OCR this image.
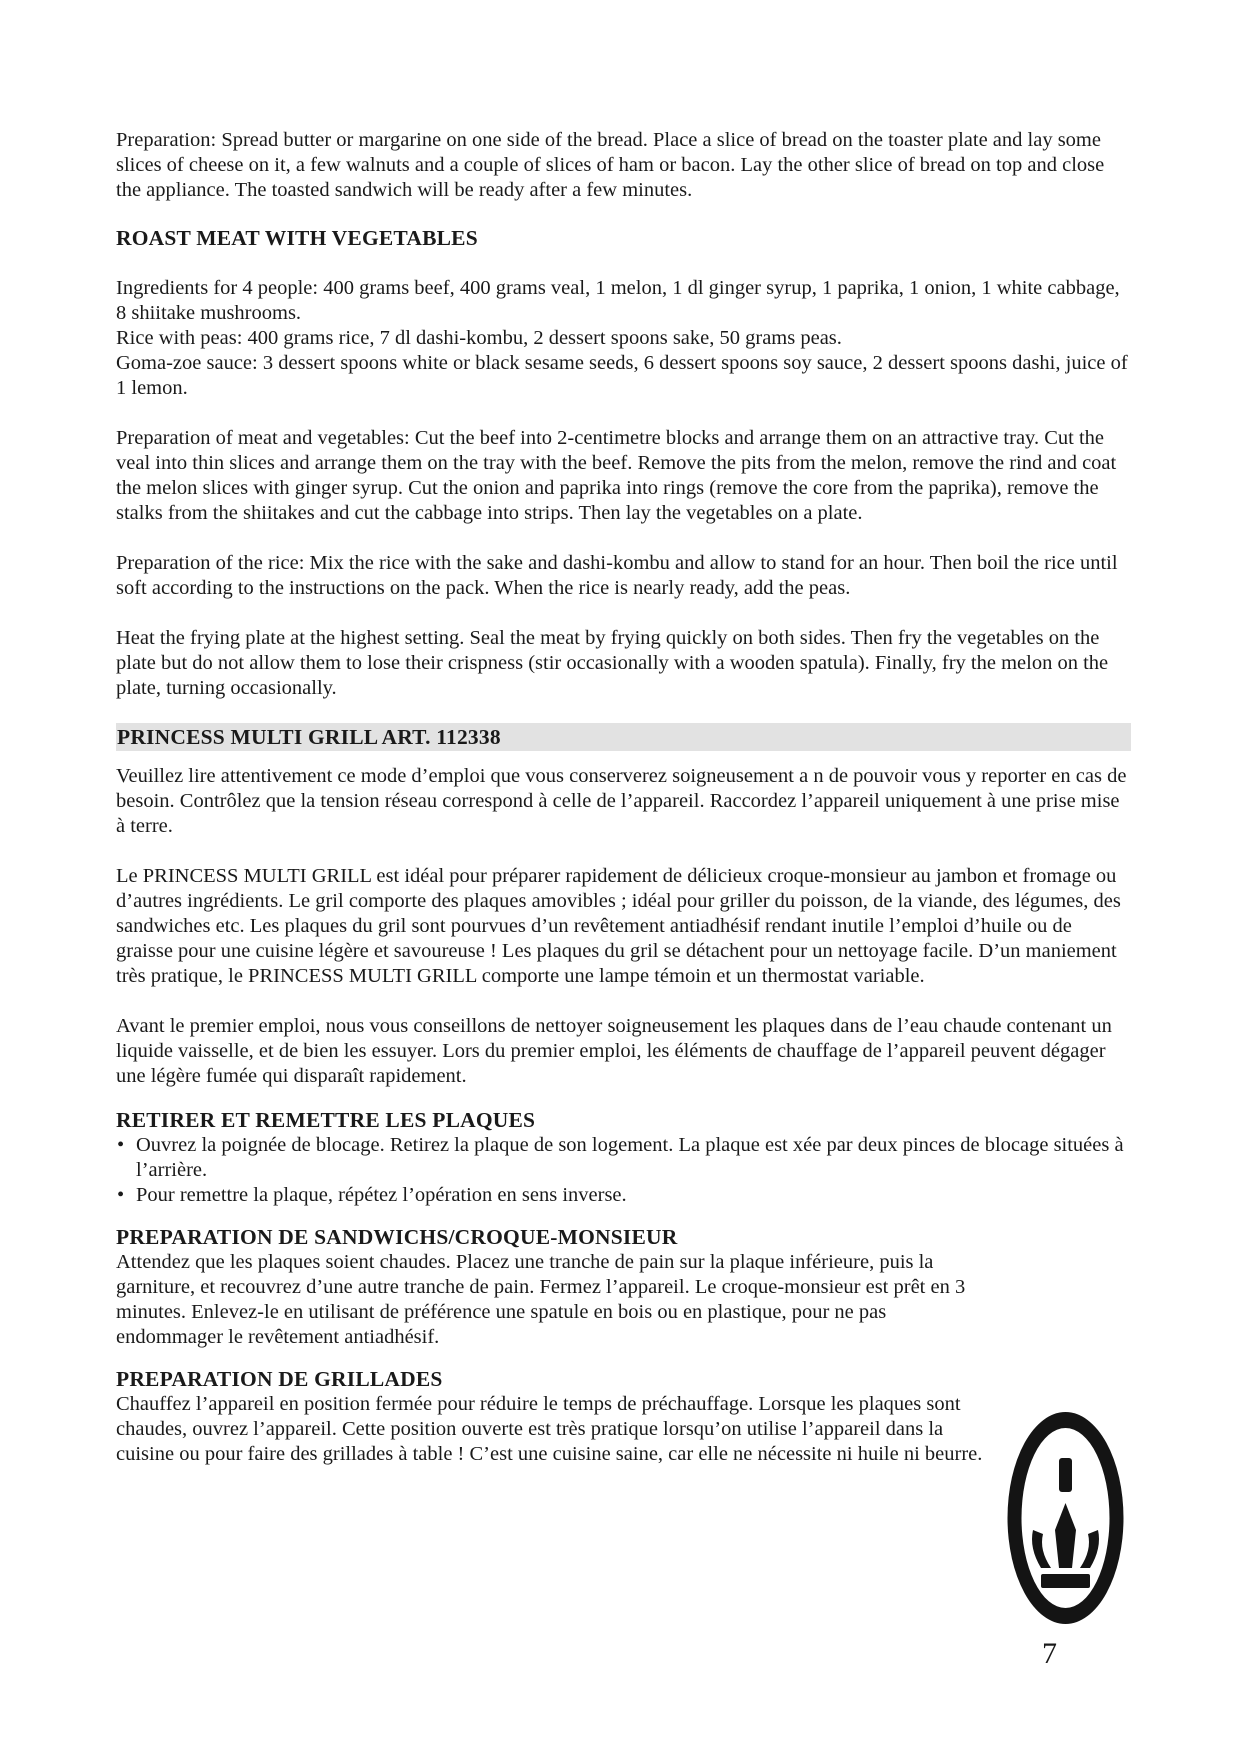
Preparation: Spread butter or margarine on one side of the bread. Place a slice of bread on the toaster plate and lay some slices of cheese on it, a few walnuts and a couple of slices of ham or bacon. Lay the other slice of bread on top and close the appliance. The toasted sandwich will be ready after a few minutes.

ROAST MEAT WITH VEGETABLES

Ingredients for 4 people: 400 grams beef, 400 grams veal, 1 melon, 1 dl ginger syrup, 1 paprika, 1 onion, 1 white cabbage, 8 shiitake mushrooms.

Rice with peas: 400 grams rice, 7 dl dashi-kombu, 2 dessert spoons sake, 50 grams peas.

Goma-zoe sauce: 3 dessert spoons white or black sesame seeds, 6 dessert spoons soy sauce, 2 dessert spoons dashi, juice of 1 lemon.

Preparation of meat and vegetables: Cut the beef into 2-centimetre blocks and arrange them on an attractive tray. Cut the veal into thin slices and arrange them on the tray with the beef. Remove the pits from the melon, remove the rind and coat the melon slices with ginger syrup. Cut the onion and paprika into rings (remove the core from the paprika), remove the stalks from the shiitakes and cut the cabbage into strips. Then lay the vegetables on a plate.

Preparation of the rice: Mix the rice with the sake and dashi-kombu and allow to stand for an hour. Then boil the rice until soft according to the instructions on the pack. When the rice is nearly ready, add the peas.

Heat the frying plate at the highest setting. Seal the meat by frying quickly on both sides. Then fry the vegetables on the plate but do not allow them to lose their crispness (stir occasionally with a wooden spatula). Finally, fry the melon on the plate, turning occasionally.

PRINCESS MULTI GRILL ART. 112338

Veuillez lire attentivement ce mode d’emploi que vous conserverez soigneusement a n de pouvoir vous y reporter en cas de besoin. Contrôlez que la tension réseau correspond à celle de l’appareil. Raccordez l’appareil uniquement à une prise mise à terre.

Le PRINCESS MULTI GRILL est idéal pour préparer rapidement de délicieux croque-monsieur au jambon et fromage ou d’autres ingrédients. Le gril comporte des plaques amovibles ; idéal pour griller du poisson, de la viande, des légumes, des sandwiches etc. Les plaques du gril sont pourvues d’un revêtement antiadhésif rendant inutile l’emploi d’huile ou de graisse pour une cuisine légère et savoureuse ! Les plaques du gril se détachent pour un nettoyage facile. D’un maniement très pratique, le PRINCESS MULTI GRILL comporte une lampe témoin et un thermostat variable.

Avant le premier emploi, nous vous conseillons de nettoyer soigneusement les plaques dans de l’eau chaude contenant un liquide vaisselle, et de bien les essuyer. Lors du premier emploi, les éléments de chauffage de l’appareil peuvent dégager une légère fumée qui disparaît rapidement.

RETIRER ET REMETTRE LES PLAQUES
• Ouvrez la poignée de blocage. Retirez la plaque de son logement. La plaque est xée par deux pinces de blocage situées à l’arrière.
• Pour remettre la plaque, répétez l’opération en sens inverse.
PREPARATION DE SANDWICHS/CROQUE-MONSIEUR

Attendez que les plaques soient chaudes. Placez une tranche de pain sur la plaque inférieure, puis la garniture, et recouvrez d’une autre tranche de pain. Fermez l’appareil. Le croque-monsieur est prêt en 3 minutes. Enlevez-le en utilisant de préférence une spatule en bois ou en plastique, pour ne pas endommager le revêtement antiadhésif.

PREPARATION DE GRILLADES

Chauffez l’appareil en position fermée pour réduire le temps de préchauffage. Lorsque les plaques sont chaudes, ouvrez l’appareil. Cette position ouverte est très pratique lorsqu’on utilise l’appareil dans la cuisine ou pour faire des grillades à table ! C’est une cuisine saine, car elle ne nécessite ni huile ni beurre.

7
